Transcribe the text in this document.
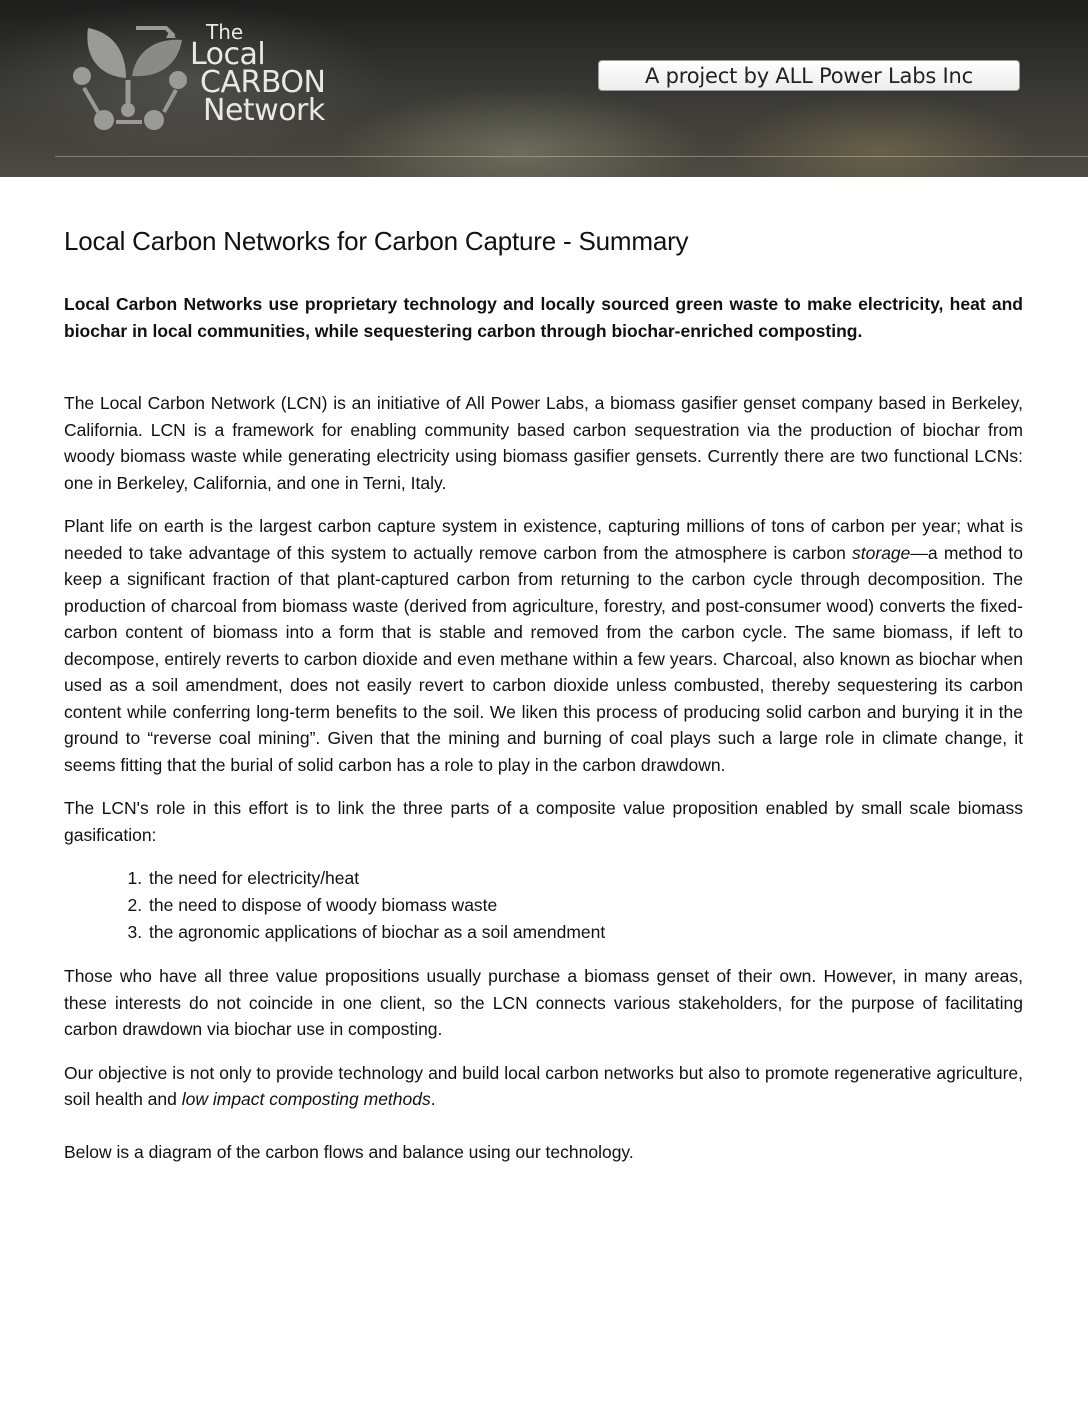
The
Local
CARBON
Network
A project by ALL Power Labs Inc
Local Carbon Networks for Carbon Capture - Summary

Local Carbon Networks use proprietary technology and locally sourced green waste to make electricity, heat and biochar in local communities, while sequestering carbon through biochar-enriched composting.

The Local Carbon Network (LCN) is an initiative of All Power Labs, a biomass gasifier genset company based in Berkeley, California. LCN is a framework for enabling community based carbon sequestration via the production of biochar from woody biomass waste while generating electricity using biomass gasifier gensets. Currently there are two functional LCNs: one in Berkeley, California, and one in Terni, Italy.

Plant life on earth is the largest carbon capture system in existence, capturing millions of tons of carbon per year; what is needed to take advantage of this system to actually remove carbon from the atmosphere is carbon storage—a method to keep a significant fraction of that plant-captured carbon from returning to the carbon cycle through decomposition. The production of charcoal from biomass waste (derived from agriculture, forestry, and post-consumer wood) converts the fixed-carbon content of biomass into a form that is stable and removed from the carbon cycle. The same biomass, if left to decompose, entirely reverts to carbon dioxide and even methane within a few years. Charcoal, also known as biochar when used as a soil amendment, does not easily revert to carbon dioxide unless combusted, thereby sequestering its carbon content while conferring long-term benefits to the soil. We liken this process of producing solid carbon and burying it in the ground to “reverse coal mining”. Given that the mining and burning of coal plays such a large role in climate change, it seems fitting that the burial of solid carbon has a role to play in the carbon drawdown.

The LCN's role in this effort is to link the three parts of a composite value proposition enabled by small scale biomass gasification:

1. the need for electricity/heat
2. the need to dispose of woody biomass waste
3. the agronomic applications of biochar as a soil amendment

Those who have all three value propositions usually purchase a biomass genset of their own. However, in many areas, these interests do not coincide in one client, so the LCN connects various stakeholders, for the purpose of facilitating carbon drawdown via biochar use in composting.

Our objective is not only to provide technology and build local carbon networks but also to promote regenerative agriculture, soil health and low impact composting methods.

Below is a diagram of the carbon flows and balance using our technology.
